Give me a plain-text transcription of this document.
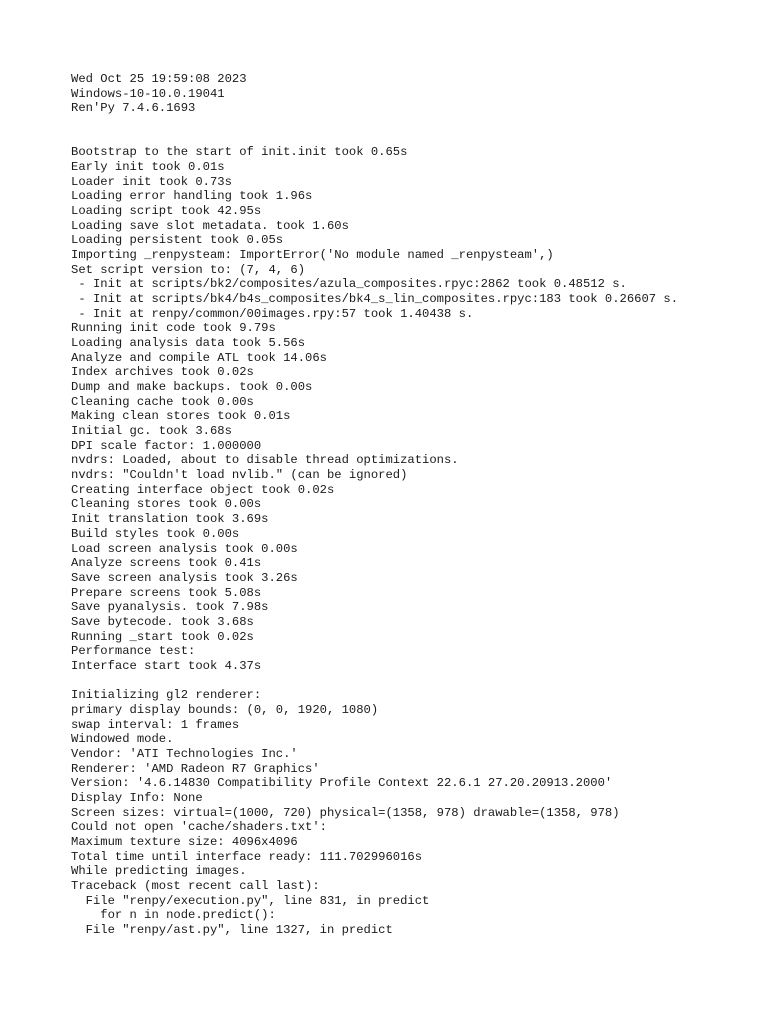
Wed Oct 25 19:59:08 2023
Windows-10-10.0.19041
Ren'Py 7.4.6.1693
Bootstrap to the start of init.init took 0.65s
Early init took 0.01s
Loader init took 0.73s
Loading error handling took 1.96s
Loading script took 42.95s
Loading save slot metadata. took 1.60s
Loading persistent took 0.05s
Importing _renpysteam: ImportError('No module named _renpysteam',)
Set script version to: (7, 4, 6)
- Init at scripts/bk2/composites/azula_composites.rpyc:2862 took 0.48512 s.
- Init at scripts/bk4/b4s_composites/bk4_s_lin_composites.rpyc:183 took 0.26607 s.
- Init at renpy/common/00images.rpy:57 took 1.40438 s.
Running init code took 9.79s
Loading analysis data took 5.56s
Analyze and compile ATL took 14.06s
Index archives took 0.02s
Dump and make backups. took 0.00s
Cleaning cache took 0.00s
Making clean stores took 0.01s
Initial gc. took 3.68s
DPI scale factor: 1.000000
nvdrs: Loaded, about to disable thread optimizations.
nvdrs: "Couldn't load nvlib." (can be ignored)
Creating interface object took 0.02s
Cleaning stores took 0.00s
Init translation took 3.69s
Build styles took 0.00s
Load screen analysis took 0.00s
Analyze screens took 0.41s
Save screen analysis took 3.26s
Prepare screens took 5.08s
Save pyanalysis. took 7.98s
Save bytecode. took 3.68s
Running _start took 0.02s
Performance test:
Interface start took 4.37s
Initializing gl2 renderer:
primary display bounds: (0, 0, 1920, 1080)
swap interval: 1 frames
Windowed mode.
Vendor: 'ATI Technologies Inc.'
Renderer: 'AMD Radeon R7 Graphics'
Version: '4.6.14830 Compatibility Profile Context 22.6.1 27.20.20913.2000'
Display Info: None
Screen sizes: virtual=(1000, 720) physical=(1358, 978) drawable=(1358, 978)
Could not open 'cache/shaders.txt':
Maximum texture size: 4096x4096
Total time until interface ready: 111.702996016s
While predicting images.
Traceback (most recent call last):
File "renpy/execution.py", line 831, in predict
for n in node.predict():
File "renpy/ast.py", line 1327, in predict
